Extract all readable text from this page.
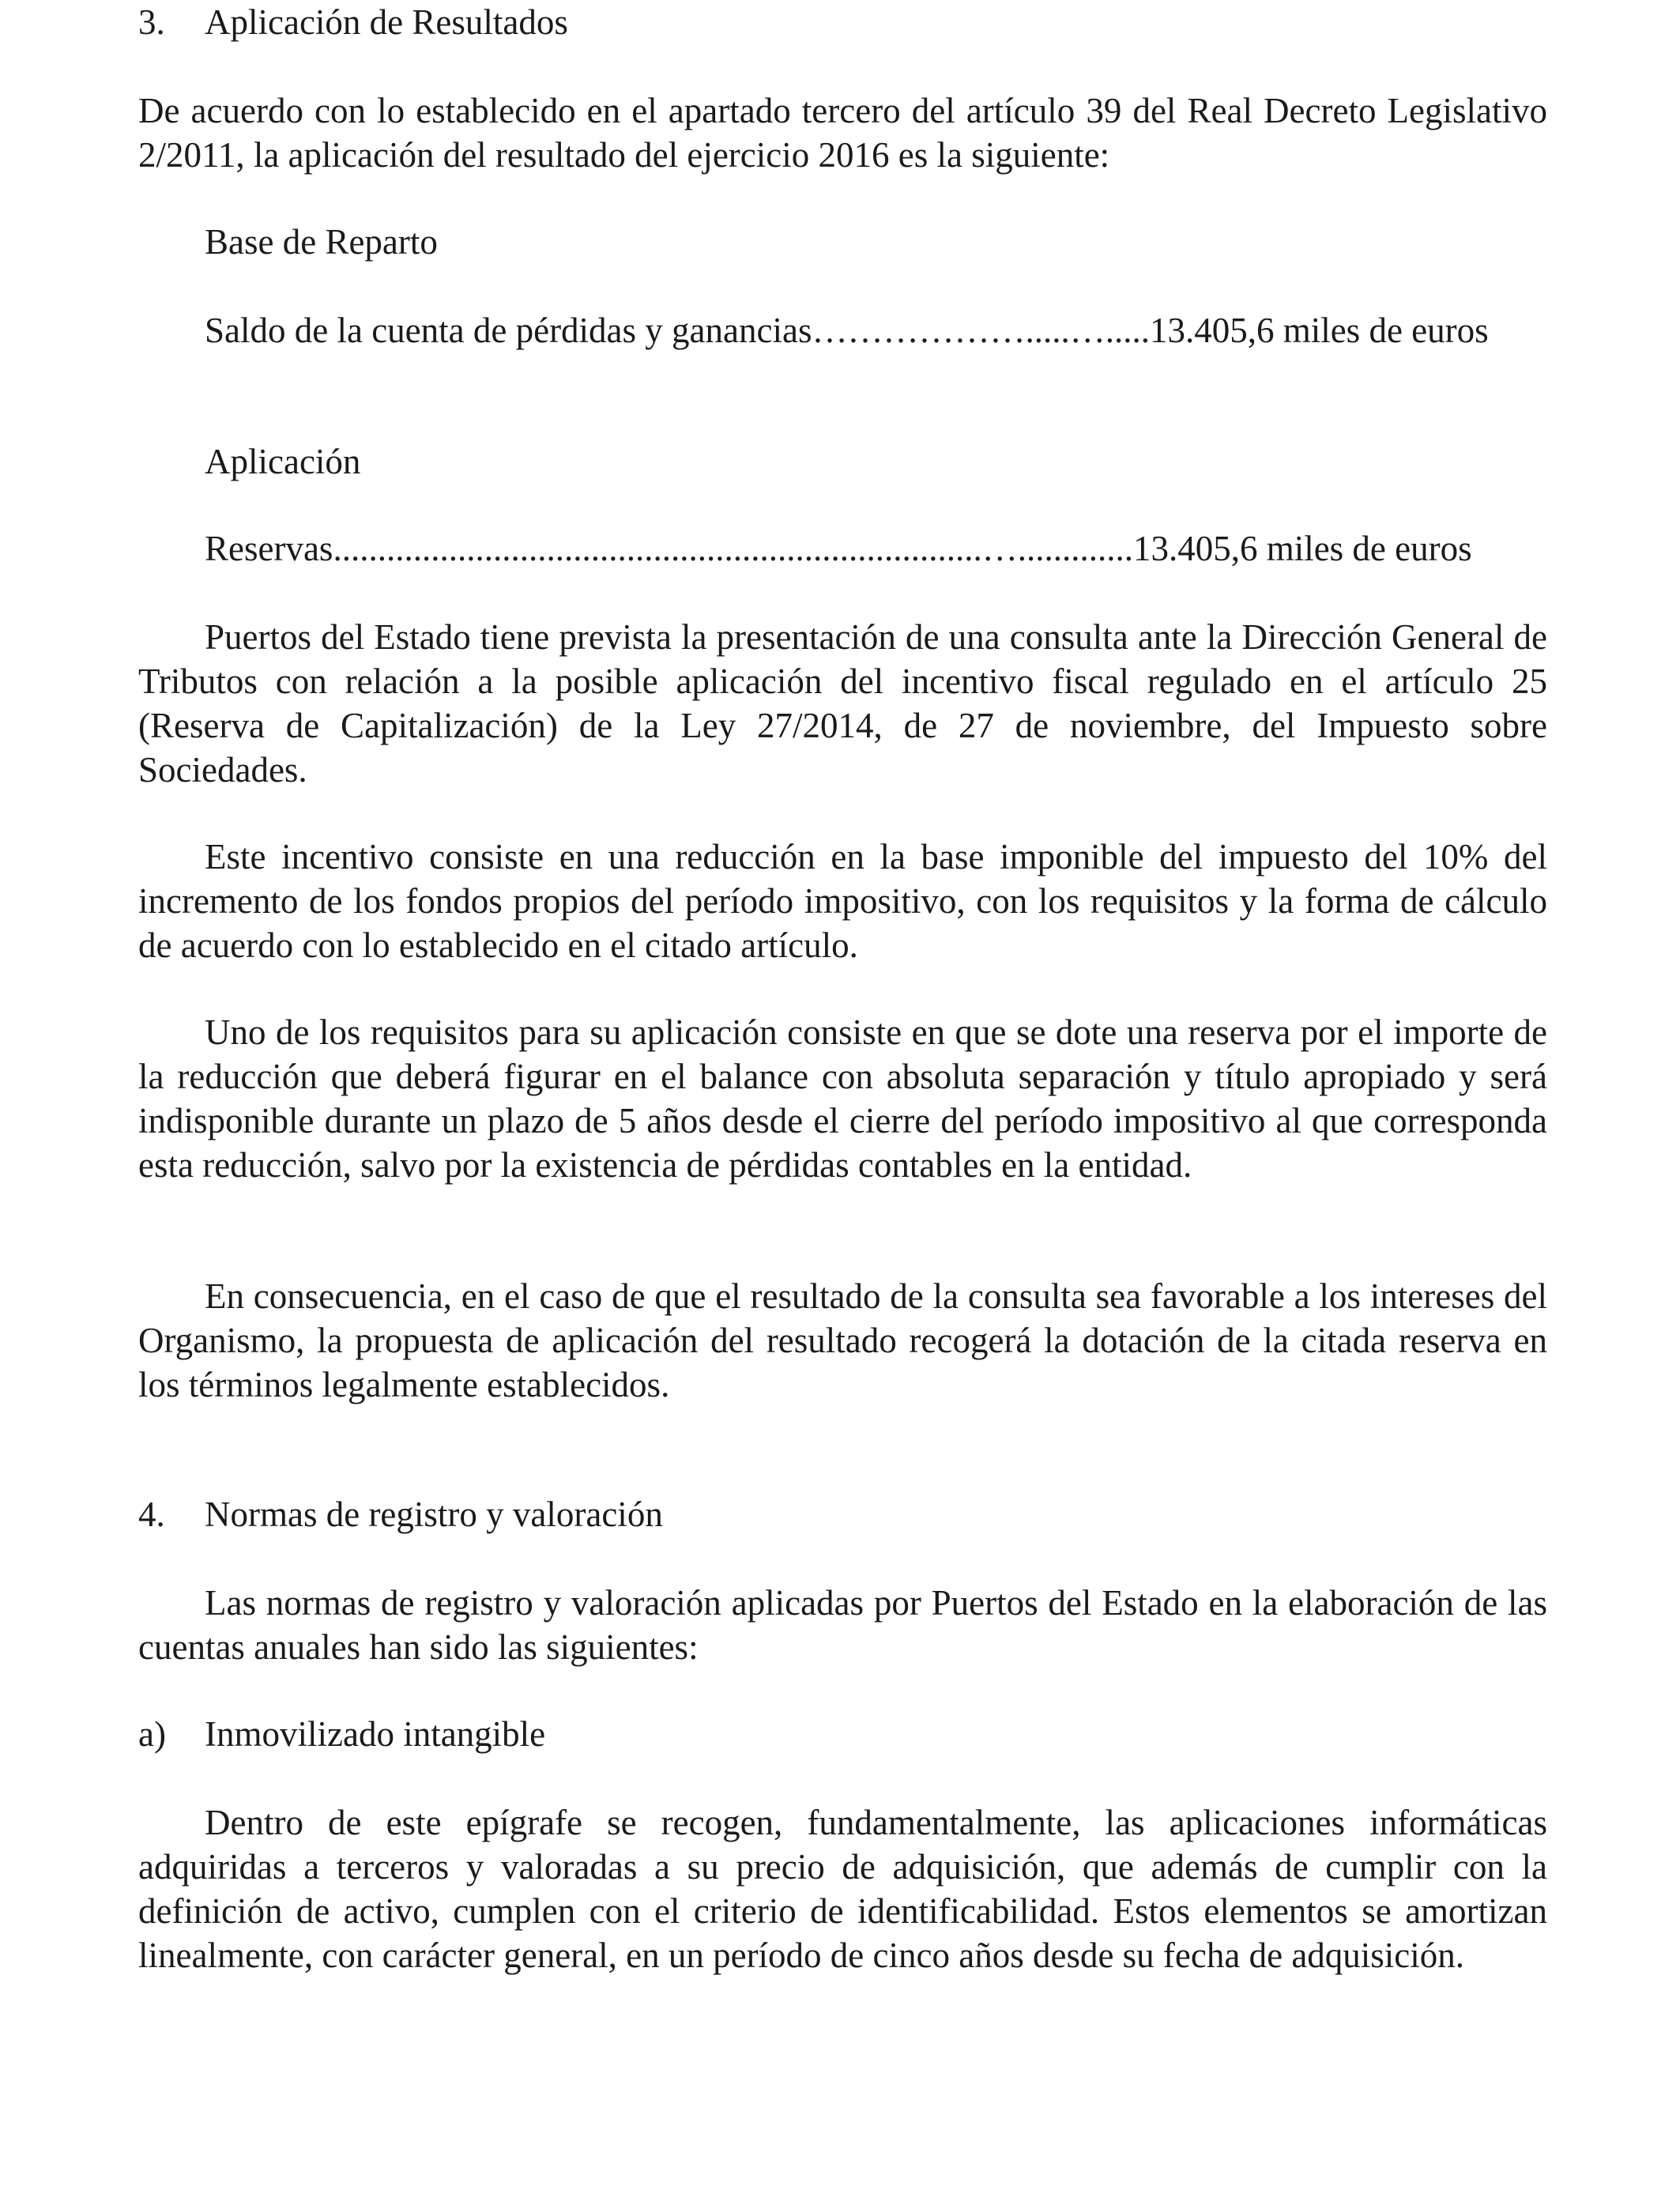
3. Aplicación de Resultados

De acuerdo con lo establecido en el apartado tercero del artículo 39 del Real Decreto Legislativo 2/2011, la aplicación del resultado del ejercicio 2016 es la siguiente:

Base de Reparto

Saldo de la cuenta de pérdidas y ganancias……………….....….....13.405,6 miles de euros

Aplicación

Reservas.........................................................................….............13.405,6 miles de euros

Puertos del Estado tiene prevista la presentación de una consulta ante la Dirección General de Tributos con relación a la posible aplicación del incentivo fiscal regulado en el artículo 25 (Reserva de Capitalización) de la Ley 27/2014, de 27 de noviembre, del Impuesto sobre Sociedades.

Este incentivo consiste en una reducción en la base imponible del impuesto del 10% del incremento de los fondos propios del período impositivo, con los requisitos y la forma de cálculo de acuerdo con lo establecido en el citado artículo.

Uno de los requisitos para su aplicación consiste en que se dote una reserva por el importe de la reducción que deberá figurar en el balance con absoluta separación y título apropiado y será indisponible durante un plazo de 5 años desde el cierre del período impositivo al que corresponda esta reducción, salvo por la existencia de pérdidas contables en la entidad.

En consecuencia, en el caso de que el resultado de la consulta sea favorable a los intereses del Organismo, la propuesta de aplicación del resultado recogerá la dotación de la citada reserva en los términos legalmente establecidos.

4. Normas de registro y valoración

Las normas de registro y valoración aplicadas por Puertos del Estado en la elaboración de las cuentas anuales han sido las siguientes:

a) Inmovilizado intangible

Dentro de este epígrafe se recogen, fundamentalmente, las aplicaciones informáticas adquiridas a terceros y valoradas a su precio de adquisición, que además de cumplir con la definición de activo, cumplen con el criterio de identificabilidad. Estos elementos se amortizan linealmente, con carácter general, en un período de cinco años desde su fecha de adquisición.
